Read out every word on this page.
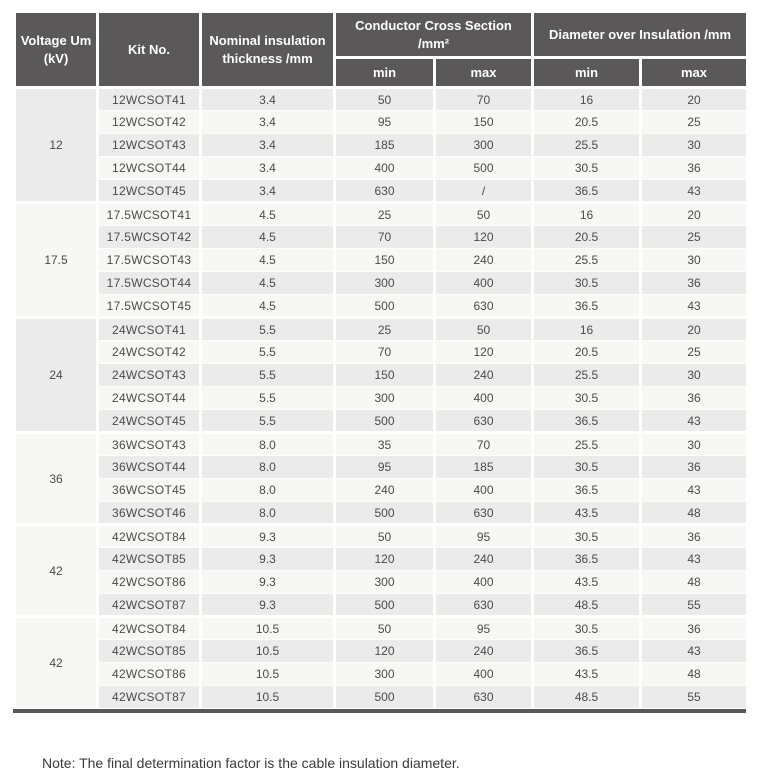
Voltage Um (kV)	Kit No.	Nominal insulation thickness /mm	Conductor Cross Section /mm²		Diameter over Insulation /mm	
			min	max	min	max
12	12WCSOT41	3.4	50	70	16	20
	12WCSOT42	3.4	95	150	20.5	25
	12WCSOT43	3.4	185	300	25.5	30
	12WCSOT44	3.4	400	500	30.5	36
	12WCSOT45	3.4	630	/	36.5	43
17.5	17.5WCSOT41	4.5	25	50	16	20
	17.5WCSOT42	4.5	70	120	20.5	25
	17.5WCSOT43	4.5	150	240	25.5	30
	17.5WCSOT44	4.5	300	400	30.5	36
	17.5WCSOT45	4.5	500	630	36.5	43
24	24WCSOT41	5.5	25	50	16	20
	24WCSOT42	5.5	70	120	20.5	25
	24WCSOT43	5.5	150	240	25.5	30
	24WCSOT44	5.5	300	400	30.5	36
	24WCSOT45	5.5	500	630	36.5	43
36	36WCSOT43	8.0	35	70	25.5	30
	36WCSOT44	8.0	95	185	30.5	36
	36WCSOT45	8.0	240	400	36.5	43
	36WCSOT46	8.0	500	630	43.5	48
42	42WCSOT84	9.3	50	95	30.5	36
	42WCSOT85	9.3	120	240	36.5	43
	42WCSOT86	9.3	300	400	43.5	48
	42WCSOT87	9.3	500	630	48.5	55
42	42WCSOT84	10.5	50	95	30.5	36
	42WCSOT85	10.5	120	240	36.5	43
	42WCSOT86	10.5	300	400	43.5	48
	42WCSOT87	10.5	500	630	48.5	55

Note: The final determination factor is the cable insulation diameter.
